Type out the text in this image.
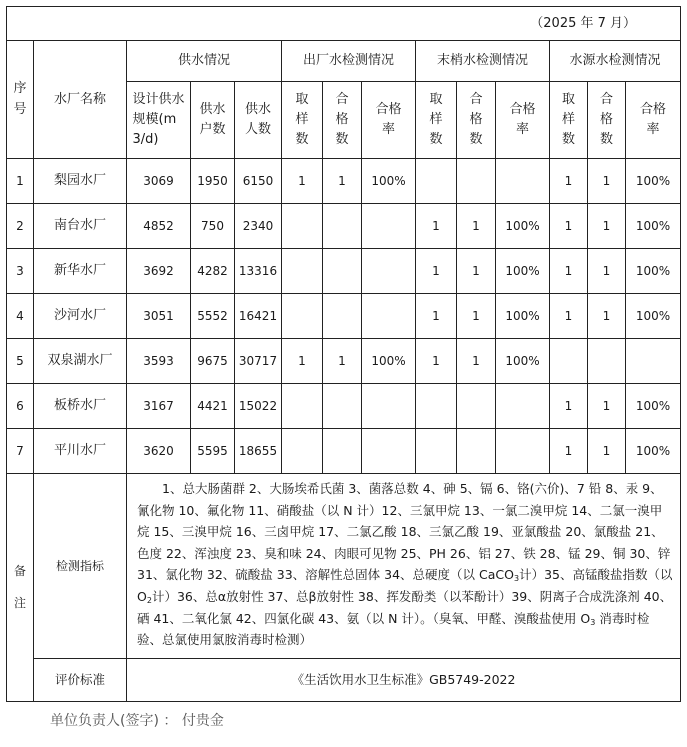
（2025 年 7 月）													
序号	水厂名称	供水情况			出厂水检测情况			末梢水检测情况			水源水检测情况		
		设计供水规模(m3/d)	供水户数	供水人数	取样数	合格数	合格率	取样数	合格数	合格率	取样数	合格数	合格率
1	梨园水厂	3069	1950	6150	1	1	100%				1	1	100%
2	南台水厂	4852	750	2340				1	1	100%	1	1	100%
3	新华水厂	3692	4282	13316				1	1	100%	1	1	100%
4	沙河水厂	3051	5552	16421				1	1	100%	1	1	100%
5	双泉湖水厂	3593	9675	30717	1	1	100%	1	1	100%			
6	板桥水厂	3167	4421	15022							1	1	100%
7	平川水厂	3620	5595	18655							1	1	100%
备注	检测指标	　　1、总大肠菌群 2、大肠埃希氏菌 3、菌落总数 4、砷 5、镉 6、铬(六价)、7 铅 8、汞 9、氰化物 10、氟化物 11、硝酸盐（以 N 计）12、三氯甲烷 13、一氯二溴甲烷 14、二氯一溴甲烷 15、三溴甲烷 16、三卤甲烷 17、二氯乙酸 18、三氯乙酸 19、亚氯酸盐 20、氯酸盐 21、色度 22、浑浊度 23、臭和味 24、肉眼可见物 25、PH 26、铝 27、铁 28、锰 29、铜 30、锌 31、氯化物 32、硫酸盐 33、溶解性总固体 34、总硬度（以 CaCO$_3$计）35、高锰酸盐指数（以 $O_2$计）36、总α放射性 37、总β放射性 38、挥发酚类（以苯酚计）39、阴离子合成洗涤剂 40、硒 41、二氧化氯 42、四氯化碳 43、氨（以 N 计）。（臭氧、甲醛、溴酸盐使用 $O_3$ 消毒时检验、总氯使用氯胺消毒时检测）											
	评价标准	《生活饮用水卫生标准》GB5749-2022											
单位负责人(签字) ： 付贵金
